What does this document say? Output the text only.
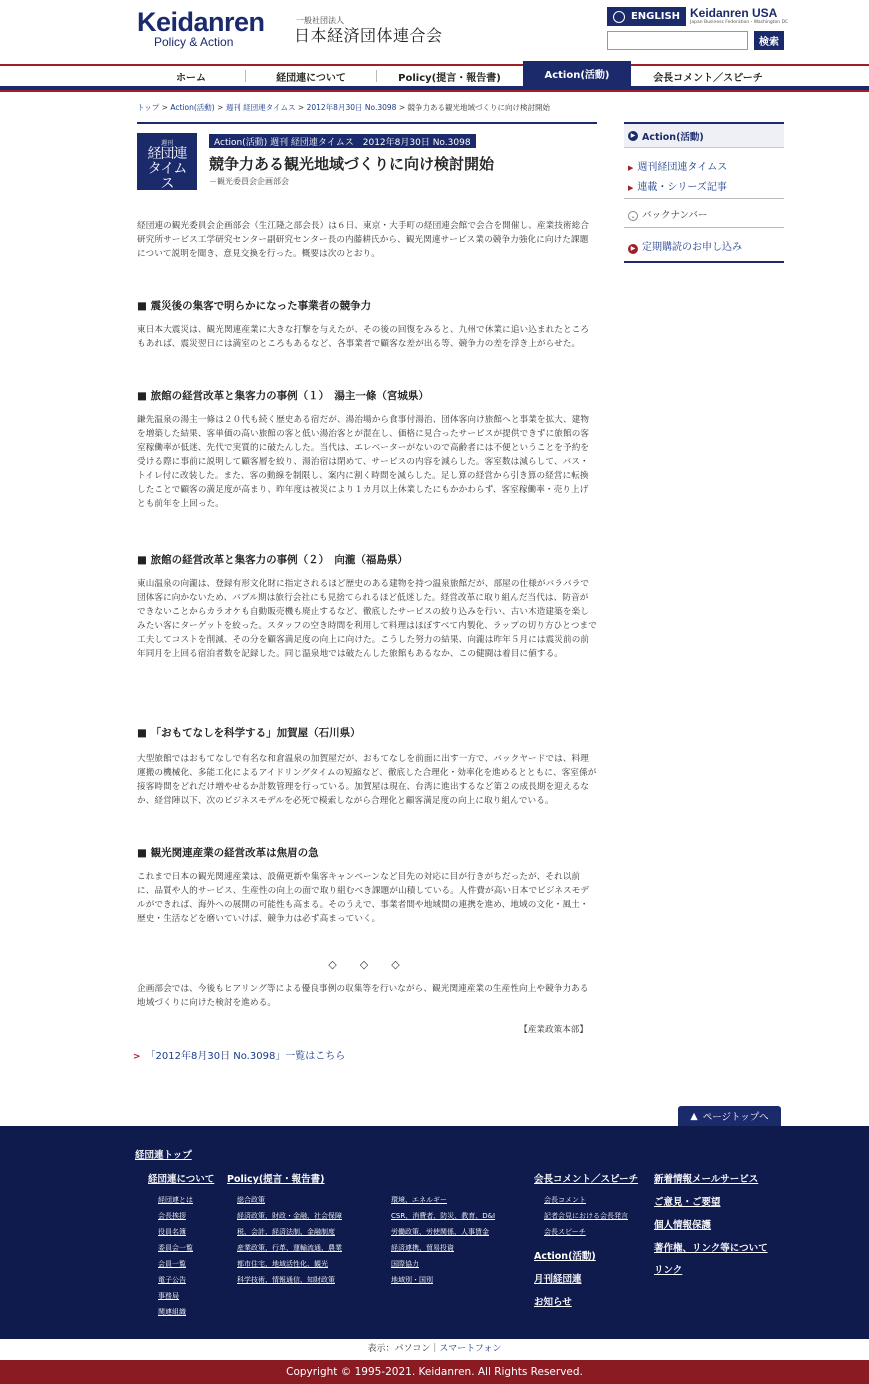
Keidanren
Policy & Action
一般社団法人
日本経済団体連合会
ENGLISH Keidanren USA
Japan Business Federation・Washington DC
検索
ホーム	経団連について	Policy(提言・報告書)	Action(活動)	会長コメント／スピーチ
トップ > Action(活動) > 週刊 経団連タイムス > 2012年8月30日 No.3098 > 競争力ある観光地域づくりに向け検討開始
週刊
経団連タイムス
Policy & Action
Action(活動) 週刊 経団連タイムス　2012年8月30日 No.3098
競争力ある観光地域づくりに向け検討開始
－観光委員会企画部会

経団連の観光委員会企画部会（生江隆之部会長）は６日、東京・大手町の経団連会館で会合を開催し、産業技術総合研究所サービス工学研究センター副研究センター長の内藤耕氏から、観光関連サービス業の競争力強化に向けた課題について説明を聞き、意見交換を行った。概要は次のとおり。

■ 震災後の集客で明らかになった事業者の競争力

東日本大震災は、観光関連産業に大きな打撃を与えたが、その後の回復をみると、九州で休業に追い込まれたところもあれば、震災翌日には満室のところもあるなど、各事業者で顧客な差が出る等、競争力の差を浮き上がらせた。

■ 旅館の経営改革と集客力の事例（１）　湯主一條（宮城県）

鎌先温泉の湯主一條は２０代も続く歴史ある宿だが、湯治場から食事付湯治、団体客向け旅館へと事業を拡大、建物を増築した結果、客単価の高い旅館の客と低い湯治客とが混在し、価格に見合ったサービスが提供できずに旅館の客室稼働率が低迷、先代で実質的に破たんした。当代は、エレベーターがないので高齢者には不便ということを予約を受ける際に事前に説明して顧客層を絞り、湯治宿は閉めて、サービスの内容を減らした。客室数は減らして、バス・トイレ付に改装した。また、客の動線を制限し、案内に割く時間を減らした。足し算の経営から引き算の経営に転換したことで顧客の満足度が高まり、昨年度は被災により１カ月以上休業したにもかかわらず、客室稼働率・売り上げとも前年を上回った。

■ 旅館の経営改革と集客力の事例（２）　向瀧（福島県）

東山温泉の向瀧は、登録有形文化財に指定されるほど歴史のある建物を持つ温泉旅館だが、部屋の仕様がバラバラで団体客に向かないため、バブル期は旅行会社にも見捨てられるほど低迷した。経営改革に取り組んだ当代は、防音ができないことからカラオケも自動販売機も廃止するなど、徹底したサービスの絞り込みを行い、古い木造建築を楽しみたい客にターゲットを絞った。スタッフの空き時間を利用して料理はほぼすべて内製化、ラップの切り方ひとつまで工夫してコストを削減、その分を顧客満足度の向上に向けた。こうした努力の結果、向瀧は昨年５月には震災前の前年同月を上回る宿泊者数を記録した。同じ温泉地では破たんした旅館もあるなか、この健闘は着目に値する。

■ 「おもてなしを科学する」加賀屋（石川県）

大型旅館ではおもてなしで有名な和倉温泉の加賀屋だが、おもてなしを前面に出す一方で、バックヤードでは、料理運搬の機械化、多能工化によるアイドリングタイムの短縮など、徹底した合理化・効率化を進めるとともに、客室係が接客時間をどれだけ増やせるか計数管理を行っている。加賀屋は現在、台湾に進出するなど第２の成長期を迎えるなか、経営陣以下、次のビジネスモデルを必死で模索しながら合理化と顧客満足度の向上に取り組んでいる。

■ 観光関連産業の経営改革は焦眉の急

これまで日本の観光関連産業は、設備更新や集客キャンペーンなど目先の対応に目が行きがちだったが、それ以前に、品質や人的サービス、生産性の向上の面で取り組むべき課題が山積している。人件費が高い日本でビジネスモデルができれば、海外への展開の可能性も高まる。そのうえで、事業者間や地域間の連携を進め、地域の文化・風土・歴史・生活などを磨いていけば、競争力は必ず高まっていく。

◇　◇　◇

企画部会では、今後もヒアリング等による優良事例の収集等を行いながら、観光関連産業の生産性向上や競争力ある地域づくりに向けた検討を進める。

【産業政策本部】
> 「2012年8月30日 No.3098」一覧はこちら
▶ Action(活動)
▶ 週刊経団連タイムス
▶ 連載・シリーズ記事
⌄ バックナンバー
▶ 定期購読のお申し込み
▲ ページトップへ
経団連トップ
経団連について
経団連とは
会長挨拶
役員名簿
委員会一覧
会員一覧
電子公告
事務局
関連組織
Policy(提言・報告書)
総合政策
経済政策、財政・金融、社会保障
税、会計、経済法制、金融制度
産業政策、行革、運輸流通、農業
都市住宅、地域活性化、観光
科学技術、情報通信、知財政策
環境、エネルギー
CSR、消費者、防災、教育、D&I
労働政策、労使関係、人事賃金
経済連携、貿易投資
国際協力
地域別・国別
会長コメント／スピーチ
会長コメント
記者会見における会長発言
会長スピーチ
Action(活動)
月刊経団連
お知らせ
新着情報メールサービス
ご意見・ご要望
個人情報保護
著作権、リンク等について
リンク
表示：パソコン｜スマートフォン
Copyright © 1995-2021. Keidanren. All Rights Reserved.
